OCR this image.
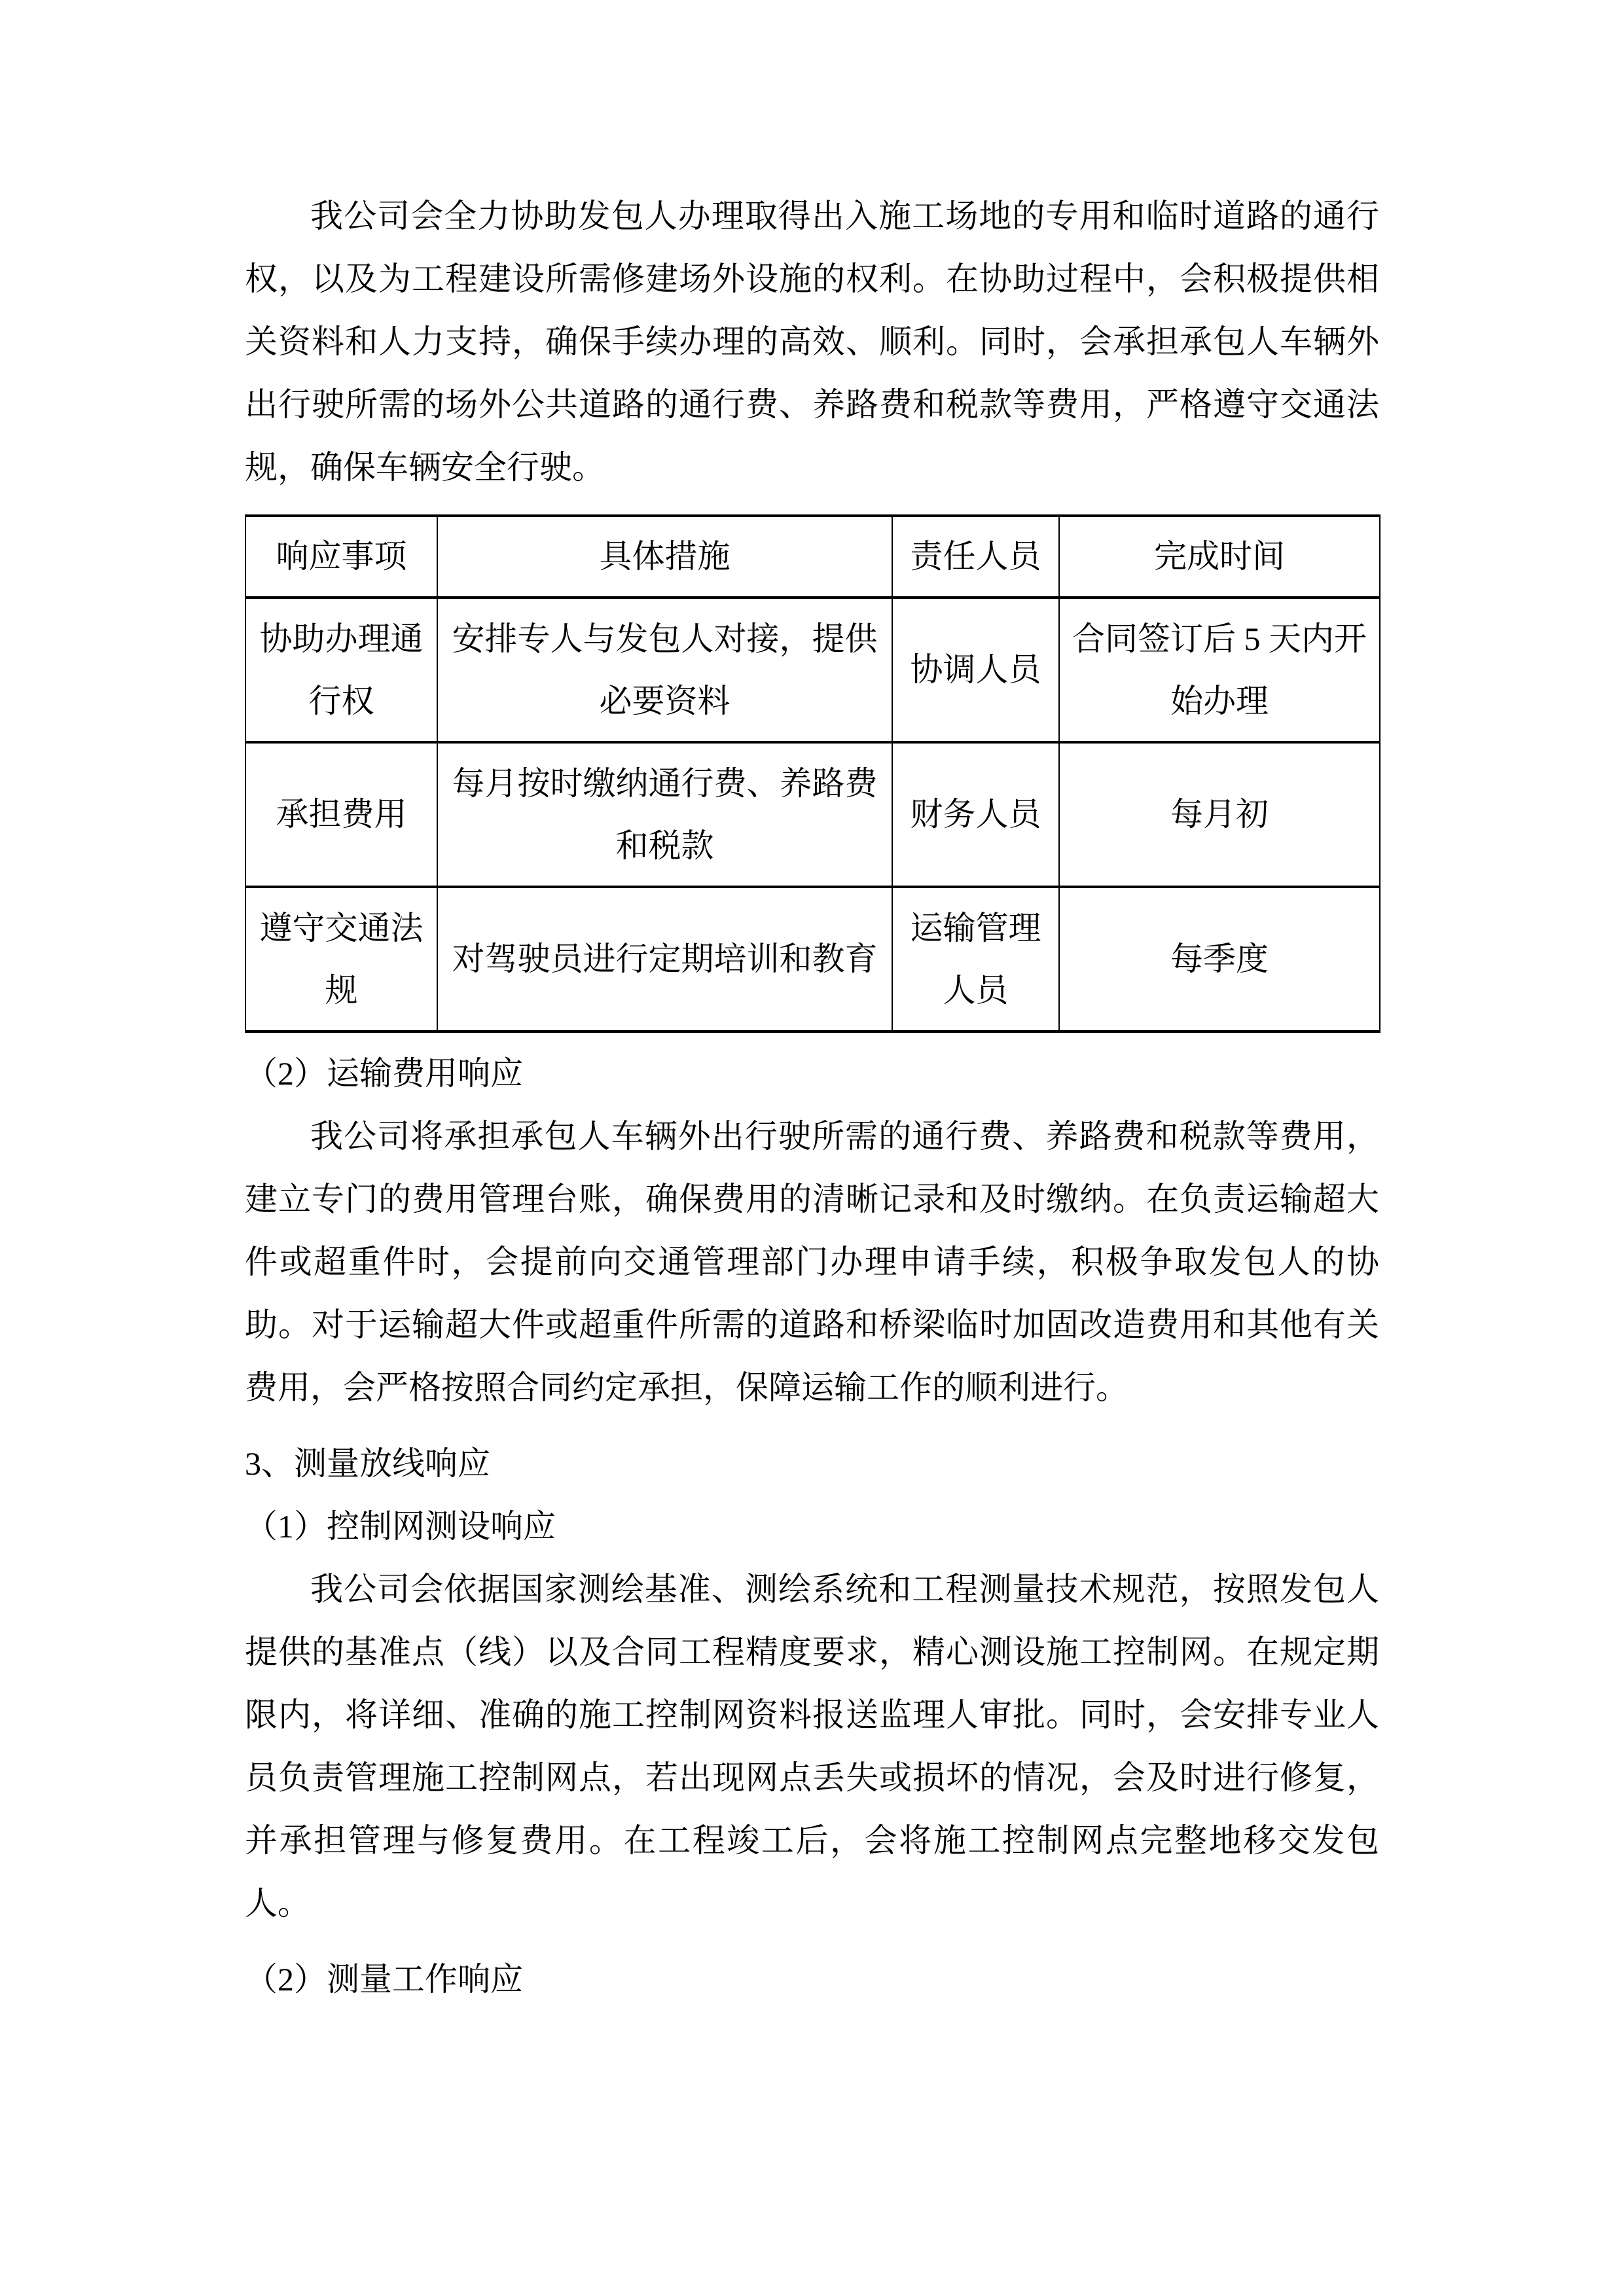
我公司会全力协助发包人办理取得出入施工场地的专用和临时道路的通行权，以及为工程建设所需修建场外设施的权利。在协助过程中，会积极提供相关资料和人力支持，确保手续办理的高效、顺利。同时，会承担承包人车辆外出行驶所需的场外公共道路的通行费、养路费和税款等费用，严格遵守交通法规，确保车辆安全行驶。

响应事项	具体措施	责任人员	完成时间
协助办理通行权	安排专人与发包人对接，提供必要资料	协调人员	合同签订后 5 天内开始办理
承担费用	每月按时缴纳通行费、养路费和税款	财务人员	每月初
遵守交通法规	对驾驶员进行定期培训和教育	运输管理人员	每季度

（2）运输费用响应

我公司将承担承包人车辆外出行驶所需的通行费、养路费和税款等费用，建立专门的费用管理台账，确保费用的清晰记录和及时缴纳。在负责运输超大件或超重件时，会提前向交通管理部门办理申请手续，积极争取发包人的协助。对于运输超大件或超重件所需的道路和桥梁临时加固改造费用和其他有关费用，会严格按照合同约定承担，保障运输工作的顺利进行。

3、测量放线响应

（1）控制网测设响应

我公司会依据国家测绘基准、测绘系统和工程测量技术规范，按照发包人提供的基准点（线）以及合同工程精度要求，精心测设施工控制网。在规定期限内，将详细、准确的施工控制网资料报送监理人审批。同时，会安排专业人员负责管理施工控制网点，若出现网点丢失或损坏的情况，会及时进行修复，并承担管理与修复费用。在工程竣工后，会将施工控制网点完整地移交发包人。

（2）测量工作响应
